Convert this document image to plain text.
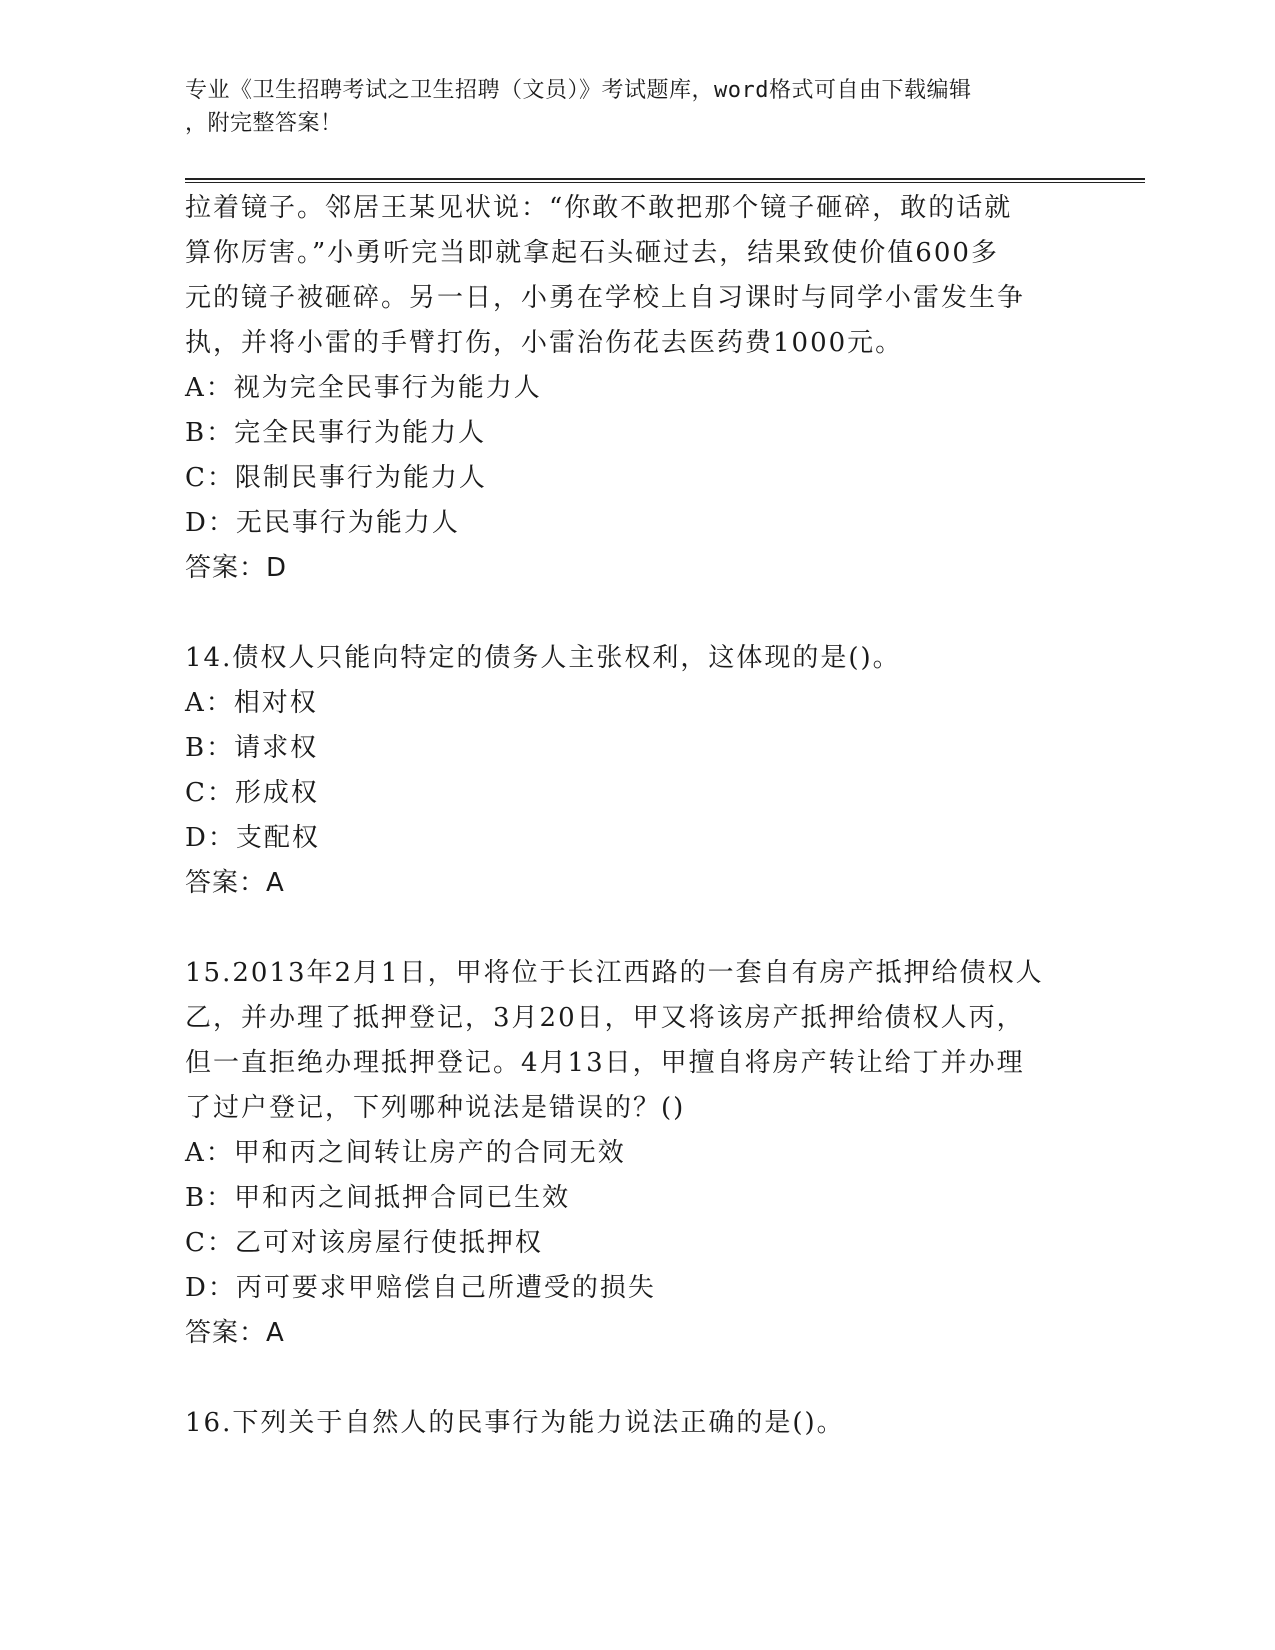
专业《卫生招聘考试之卫生招聘（文员）》考试题库，word格式可自由下载编辑
，附完整答案！
拉着镜子。邻居王某见状说：“你敢不敢把那个镜子砸碎，敢的话就
算你厉害。”小勇听完当即就拿起石头砸过去，结果致使价值600多
元的镜子被砸碎。另一日，小勇在学校上自习课时与同学小雷发生争
执，并将小雷的手臂打伤，小雷治伤花去医药费1000元。
A：视为完全民事行为能力人
B：完全民事行为能力人
C：限制民事行为能力人
D：无民事行为能力人
答案：D
14.债权人只能向特定的债务人主张权利，这体现的是()。
A：相对权
B：请求权
C：形成权
D：支配权
答案：A
15.2013年2月1日，甲将位于长江西路的一套自有房产抵押给债权人
乙，并办理了抵押登记，3月20日，甲又将该房产抵押给债权人丙，
但一直拒绝办理抵押登记。4月13日，甲擅自将房产转让给丁并办理
了过户登记，下列哪种说法是错误的？()
A：甲和丙之间转让房产的合同无效
B：甲和丙之间抵押合同已生效
C：乙可对该房屋行使抵押权
D：丙可要求甲赔偿自己所遭受的损失
答案：A
16.下列关于自然人的民事行为能力说法正确的是()。
